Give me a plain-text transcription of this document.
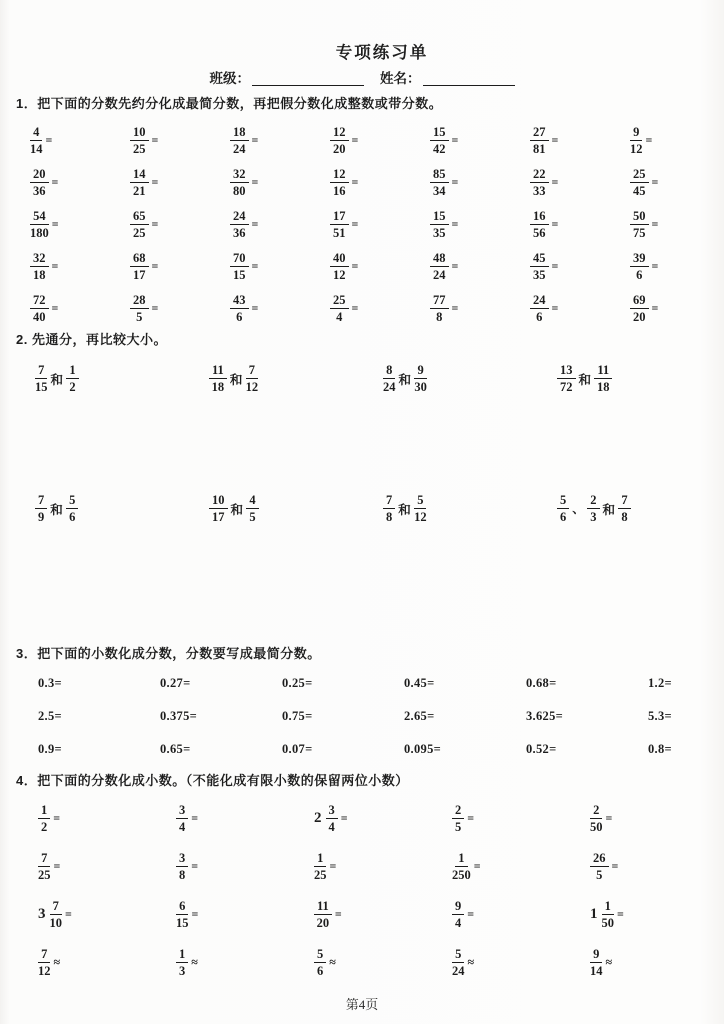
专项练习单
班级：	姓名：
1．把下面的分数先约分化成最简分数，再把假分数化成整数或带分数。
$\frac{4}{14}$ =	$\frac{10}{25}$ =	$\frac{18}{24}$ =	$\frac{12}{20}$ =	$\frac{15}{42}$ =	$\frac{27}{81}$ =	$\frac{9}{12}$ =
$\frac{20}{36}$ =	$\frac{14}{21}$ =	$\frac{32}{80}$ =	$\frac{12}{16}$ =	$\frac{85}{34}$ =	$\frac{22}{33}$ =	$\frac{25}{45}$ =
$\frac{54}{180}$ =	$\frac{65}{25}$ =	$\frac{24}{36}$ =	$\frac{17}{51}$ =	$\frac{15}{35}$ =	$\frac{16}{56}$ =	$\frac{50}{75}$ =
$\frac{32}{18}$ =	$\frac{68}{17}$ =	$\frac{70}{15}$ =	$\frac{40}{12}$ =	$\frac{48}{24}$ =	$\frac{45}{35}$ =	$\frac{39}{6}$ =
$\frac{72}{40}$ =	$\frac{28}{5}$ =	$\frac{43}{6}$ =	$\frac{25}{4}$ =	$\frac{77}{8}$ =	$\frac{24}{6}$ =	$\frac{69}{20}$ =
2. 先通分，再比较大小。
$\frac{7}{15}$ 和 $\frac{1}{2}$	$\frac{11}{18}$ 和 $\frac{7}{12}$	$\frac{8}{24}$ 和 $\frac{9}{30}$	$\frac{13}{72}$ 和 $\frac{11}{18}$
$\frac{7}{9}$ 和 $\frac{5}{6}$	$\frac{10}{17}$ 和 $\frac{4}{5}$	$\frac{7}{8}$ 和 $\frac{5}{12}$	$\frac{5}{6}$ 、 $\frac{2}{3}$ 和 $\frac{7}{8}$
3．把下面的小数化成分数，分数要写成最简分数。
0.3=	0.27=	0.25=	0.45=	0.68=	1.2=
2.5=	0.375=	0.75=	2.65=	3.625=	5.3=
0.9=	0.65=	0.07=	0.095=	0.52=	0.8=
4．把下面的分数化成小数。（不能化成有限小数的保留两位小数）
$\frac{1}{2}$ =	$\frac{3}{4}$ =	$2 \frac{3}{4}$ =	$\frac{2}{5}$ =	$\frac{2}{50}$ =
$\frac{7}{25}$ =	$\frac{3}{8}$ =	$\frac{1}{25}$ =	$\frac{1}{250}$ =	$\frac{26}{5}$ =
$3 \frac{7}{10}$ =	$\frac{6}{15}$ =	$\frac{11}{20}$ =	$\frac{9}{4}$ =	$1 \frac{1}{50}$ =
$\frac{7}{12}$ ≈	$\frac{1}{3}$ ≈	$\frac{5}{6}$ ≈	$\frac{5}{24}$ ≈	$\frac{9}{14}$ ≈
第4页
